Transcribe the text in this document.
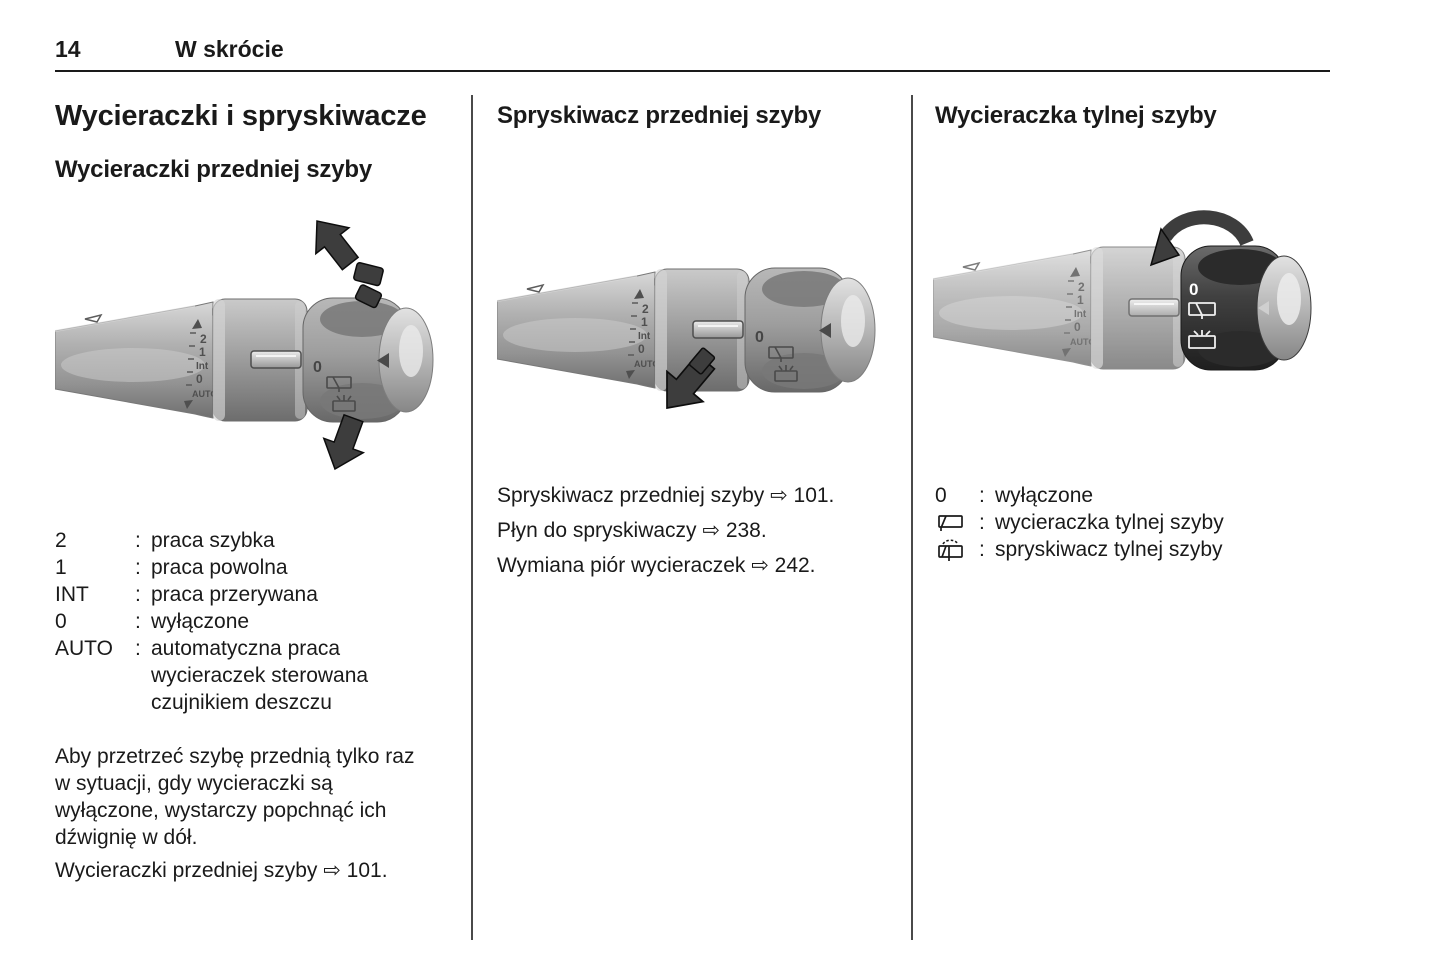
14	W skrócie
Wycieraczki i spryskiwacze
Wycieraczki przedniej szyby
2
1
Int
0
0
2	: praca szybka
1	: praca powolna
INT	: praca przerywana
0	: wyłączone
AUTO	: automatyczna praca wycieraczek sterowana czujnikiem deszczu

Aby przetrzeć szybę przednią tylko raz w sytuacji, gdy wycieraczki są wyłączone, wystarczy popchnąć ich dźwignię w dół.

Wycieraczki przedniej szyby ⇨ 101.

Spryskiwacz przedniej szyby

Spryskiwacz przedniej szyby ⇨ 101.

Płyn do spryskiwaczy ⇨ 238.

Wymiana piór wycieraczek ⇨ 242.

Wycieraczka tylnej szyby
0
0	: wyłączone
: wycieraczka tylnej szyby
: spryskiwacz tylnej szyby
